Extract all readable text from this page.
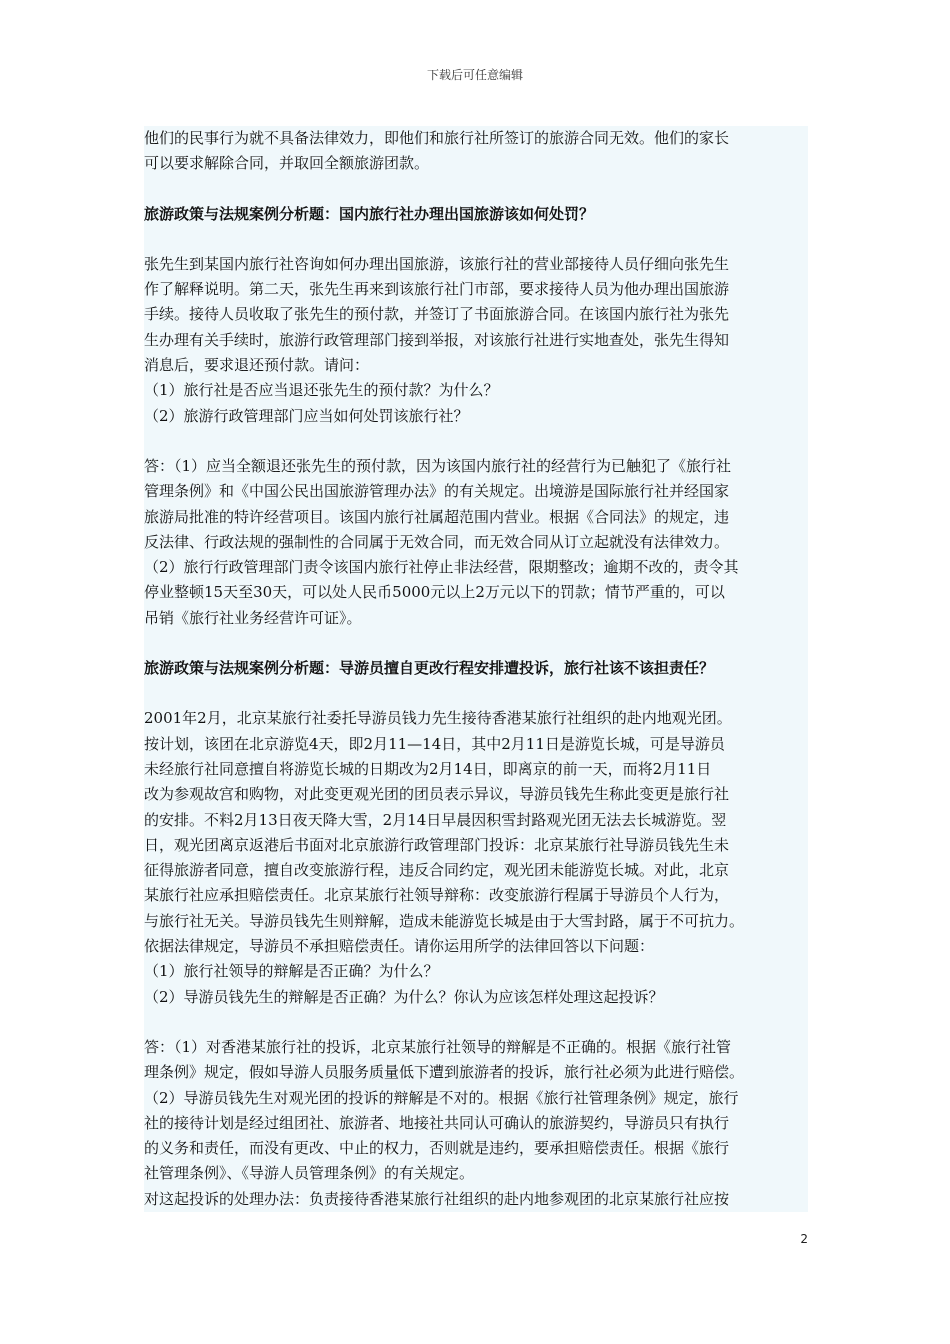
下载后可任意编辑

他们的民事行为就不具备法律效力，即他们和旅行社所签订的旅游合同无效。他们的家长

可以要求解除合同，并取回全额旅游团款。

旅游政策与法规案例分析题：国内旅行社办理出国旅游该如何处罚？

张先生到某国内旅行社咨询如何办理出国旅游，该旅行社的营业部接待人员仔细向张先生

作了解释说明。第二天，张先生再来到该旅行社门市部，要求接待人员为他办理出国旅游

手续。接待人员收取了张先生的预付款，并签订了书面旅游合同。在该国内旅行社为张先

生办理有关手续时，旅游行政管理部门接到举报，对该旅行社进行实地查处，张先生得知

消息后，要求退还预付款。请问：

（1）旅行社是否应当退还张先生的预付款？为什么？

（2）旅游行政管理部门应当如何处罚该旅行社？

答：（1）应当全额退还张先生的预付款，因为该国内旅行社的经营行为已触犯了《旅行社

管理条例》和《中国公民出国旅游管理办法》的有关规定。出境游是国际旅行社并经国家

旅游局批准的特许经营项目。该国内旅行社属超范围内营业。根据《合同法》的规定，违

反法律、行政法规的强制性的合同属于无效合同，而无效合同从订立起就没有法律效力。

（2）旅行行政管理部门责令该国内旅行社停止非法经营，限期整改；逾期不改的，责令其

停业整顿15天至30天，可以处人民币5000元以上2万元以下的罚款；情节严重的，可以

吊销《旅行社业务经营许可证》。

旅游政策与法规案例分析题：导游员擅自更改行程安排遭投诉，旅行社该不该担责任？

2001年2月，北京某旅行社委托导游员钱力先生接待香港某旅行社组织的赴内地观光团。

按计划，该团在北京游览4天，即2月11—14日，其中2月11日是游览长城，可是导游员

未经旅行社同意擅自将游览长城的日期改为2月14日，即离京的前一天，而将2月11日

改为参观故宫和购物，对此变更观光团的团员表示异议，导游员钱先生称此变更是旅行社

的安排。不料2月13日夜天降大雪，2月14日早晨因积雪封路观光团无法去长城游览。翌

日，观光团离京返港后书面对北京旅游行政管理部门投诉：北京某旅行社导游员钱先生未

征得旅游者同意，擅自改变旅游行程，违反合同约定，观光团未能游览长城。对此，北京

某旅行社应承担赔偿责任。北京某旅行社领导辩称：改变旅游行程属于导游员个人行为，

与旅行社无关。导游员钱先生则辩解，造成未能游览长城是由于大雪封路，属于不可抗力。

依据法律规定，导游员不承担赔偿责任。请你运用所学的法律回答以下问题：

（1）旅行社领导的辩解是否正确？为什么？

（2）导游员钱先生的辩解是否正确？为什么？你认为应该怎样处理这起投诉？

答：（1）对香港某旅行社的投诉，北京某旅行社领导的辩解是不正确的。根据《旅行社管

理条例》规定，假如导游人员服务质量低下遭到旅游者的投诉，旅行社必须为此进行赔偿。

（2）导游员钱先生对观光团的投诉的辩解是不对的。根据《旅行社管理条例》规定，旅行

社的接待计划是经过组团社、旅游者、地接社共同认可确认的旅游契约，导游员只有执行

的义务和责任，而没有更改、中止的权力，否则就是违约，要承担赔偿责任。根据《旅行

社管理条例》、《导游人员管理条例》的有关规定。

对这起投诉的处理办法：负责接待香港某旅行社组织的赴内地参观团的北京某旅行社应按

2
